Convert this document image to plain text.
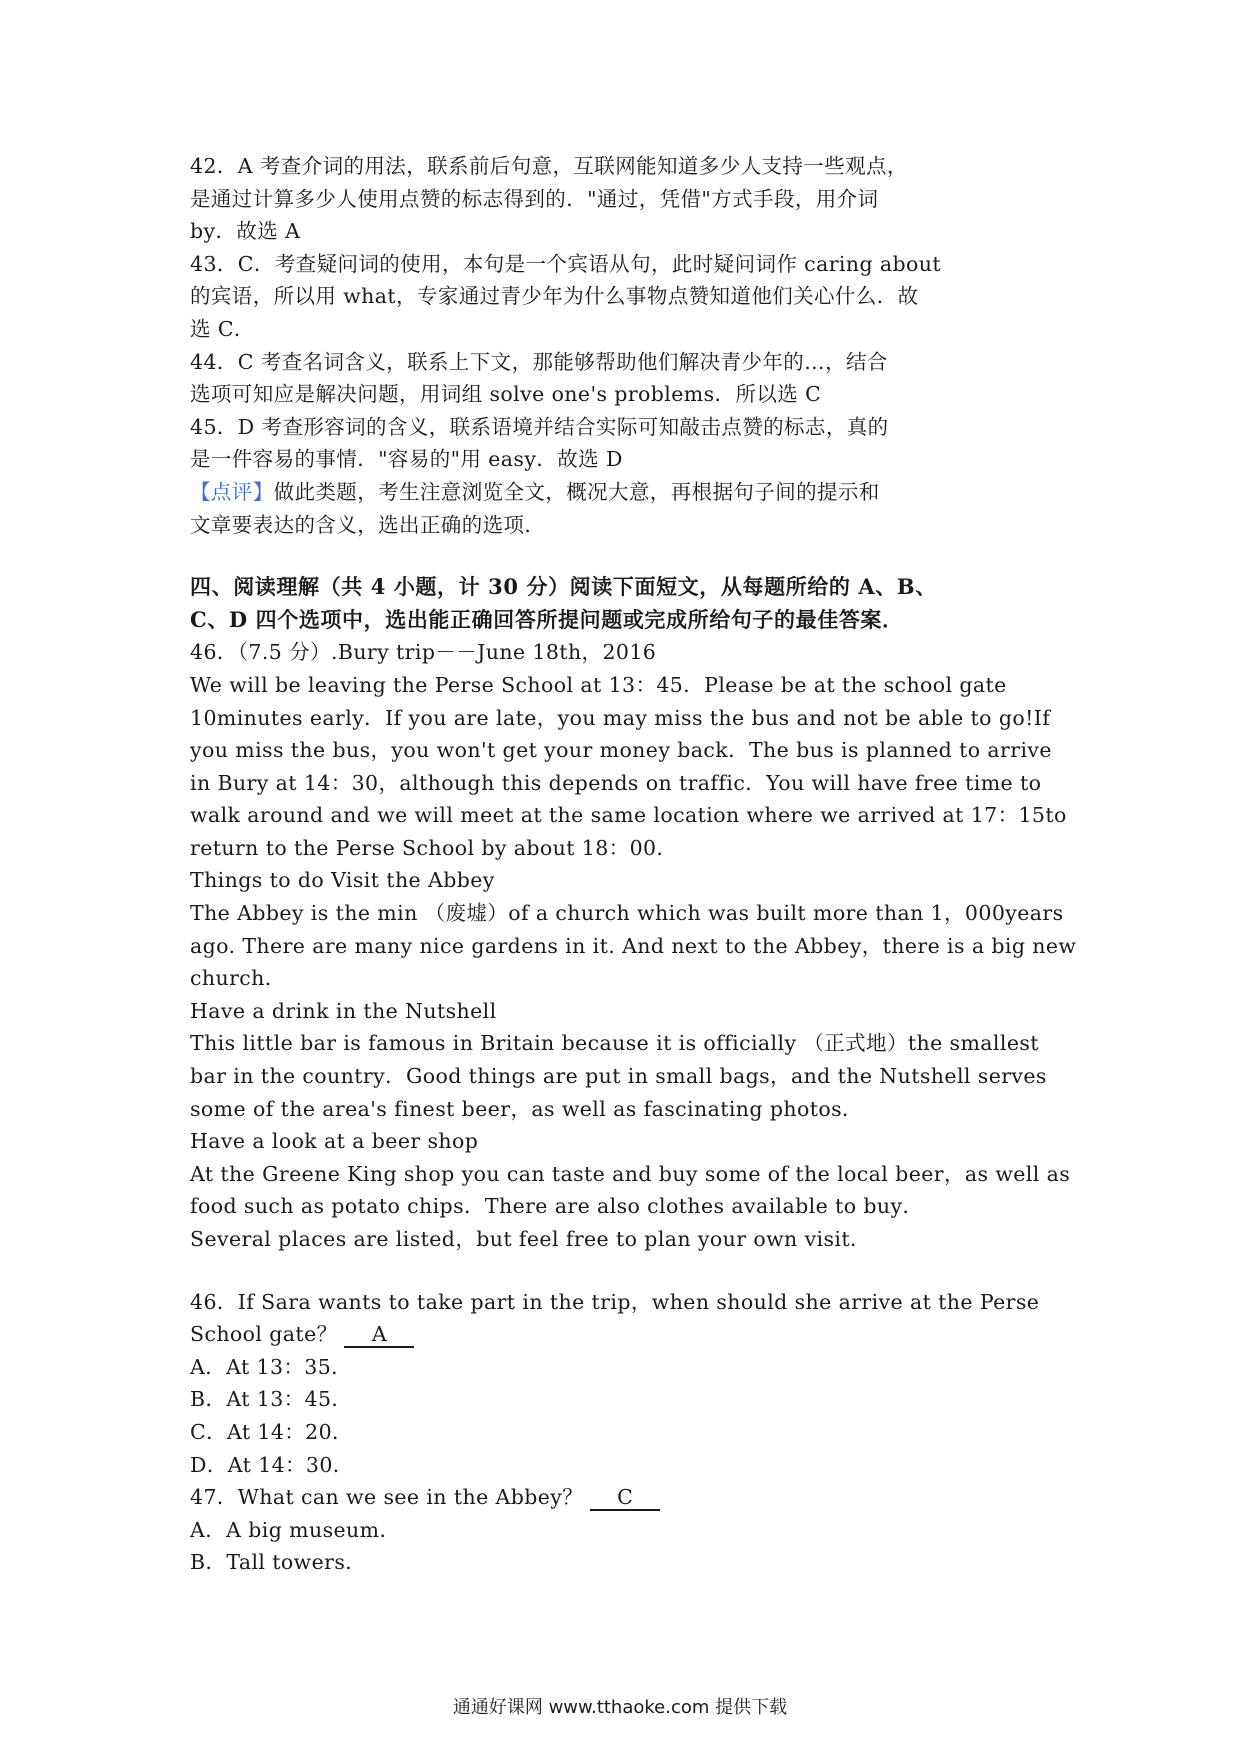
42．A 考查介词的用法，联系前后句意，互联网能知道多少人支持一些观点，
是通过计算多少人使用点赞的标志得到的．"通过，凭借"方式手段，用介词
by．故选 A
43．C．考查疑问词的使用，本句是一个宾语从句，此时疑问词作 caring about
的宾语，所以用 what，专家通过青少年为什么事物点赞知道他们关心什么．故
选 C．
44．C 考查名词含义，联系上下文，那能够帮助他们解决青少年的…，结合
选项可知应是解决问题，用词组 solve one's problems．所以选 C
45．D 考查形容词的含义，联系语境并结合实际可知敲击点赞的标志，真的
是一件容易的事情．"容易的"用 easy．故选 D
【点评】做此类题，考生注意浏览全文，概况大意，再根据句子间的提示和
文章要表达的含义，选出正确的选项．
四、阅读理解（共 4 小题，计 30 分）阅读下面短文，从每题所给的 A、B、
C、D 四个选项中，选出能正确回答所提问题或完成所给句子的最佳答案．
46．（7.5 分）.Bury trip－－June 18th，2016
We will be leaving the Perse School at 13：45．Please be at the school gate
10minutes early．If you are late，you may miss the bus and not be able to go!If
you miss the bus，you won't get your money back．The bus is planned to arrive
in Bury at 14：30，although this depends on traffic．You will have free time to
walk around and we will meet at the same location where we arrived at 17：15to
return to the Perse School by about 18：00．
Things to do Visit the Abbey
The Abbey is the min （废墟）of a church which was built more than 1，000years
ago. There are many nice gardens in it. And next to the Abbey，there is a big new
church．
Have a drink in the Nutshell
This little bar is famous in Britain because it is officially （正式地）the smallest
bar in the country．Good things are put in small bags，and the Nutshell serves
some of the area's finest beer，as well as fascinating photos．
Have a look at a beer shop
At the Greene King shop you can taste and buy some of the local beer，as well as
food such as potato chips．There are also clothes available to buy．
Several places are listed，but feel free to plan your own visit．
46．If Sara wants to take part in the trip，when should she arrive at the Perse
School gate？ A
A．At 13：35．
B．At 13：45．
C．At 14：20．
D．At 14：30．
47．What can we see in the Abbey？ C
A．A big museum．
B．Tall towers．
通通好课网 www.tthaoke.com 提供下载
